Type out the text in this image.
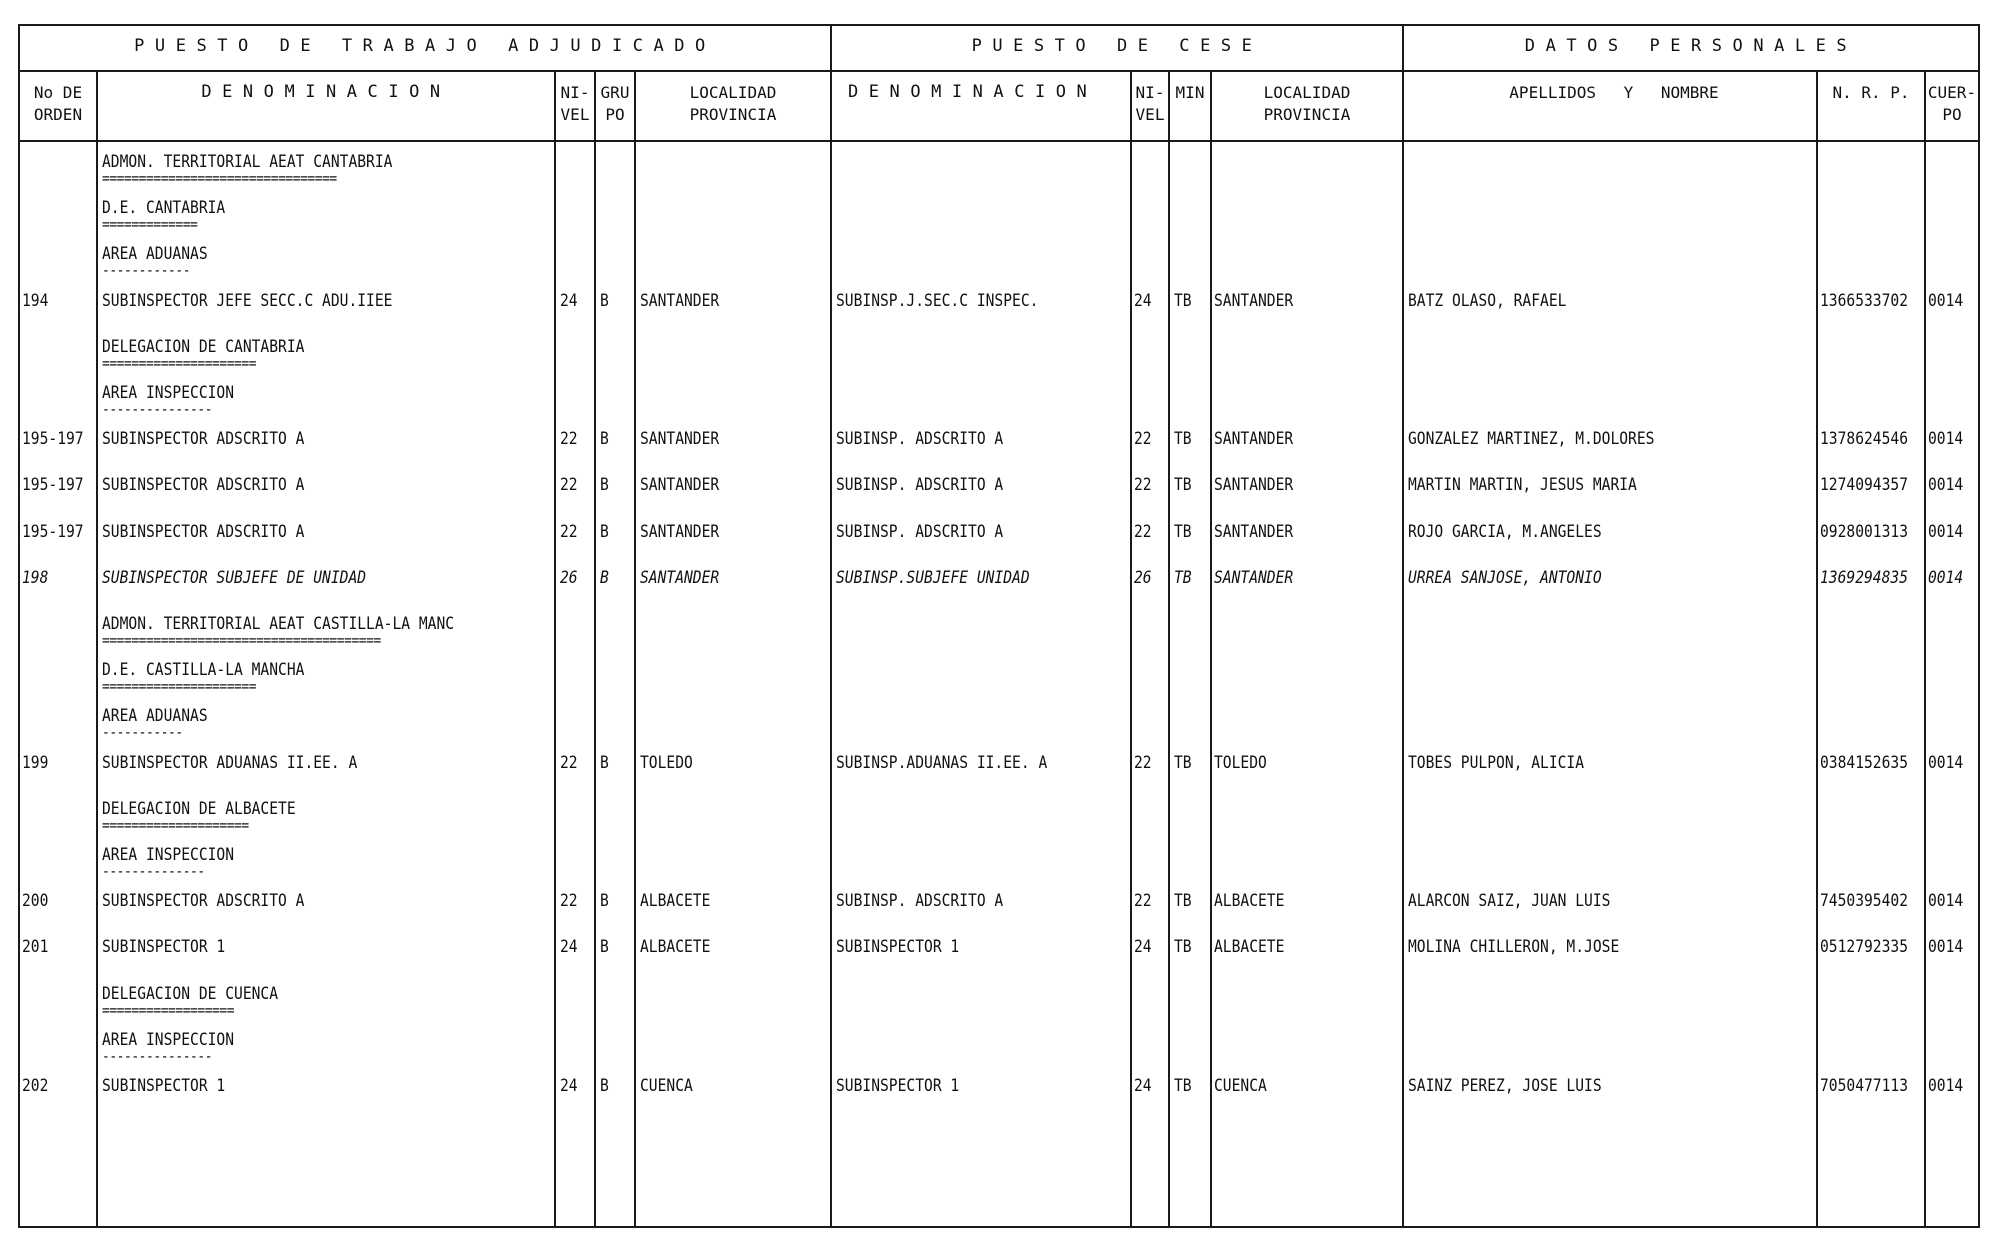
PUESTO DE TRABAJO ADJUDICADO	PUESTO DE CESE	DATOS PERSONALES
No DE
ORDEN
DENOMINACION	NI-
VEL
GRU
PO
LOCALIDAD
PROVINCIA
DENOMINACION	NI-
VEL
MIN	LOCALIDAD
PROVINCIA
APELLIDOS Y NOMBRE	N. R. P.	CUER-
PO
ADMON. TERRITORIAL AEAT CANTABRIA
================================
D.E. CANTABRIA
=============
AREA ADUANAS
------------
194	SUBINSPECTOR JEFE SECC.C ADU.IIEE	24 B SANTANDER	SUBINSP.J.SEC.C INSPEC.	24 TB SANTANDER	BATZ OLASO, RAFAEL	1366533702 0014
DELEGACION DE CANTABRIA
=====================
AREA INSPECCION
---------------
195-197 SUBINSPECTOR ADSCRITO A	22 B SANTANDER	SUBINSP. ADSCRITO A	22 TB SANTANDER	GONZALEZ MARTINEZ, M.DOLORES	1378624546 0014
195-197 SUBINSPECTOR ADSCRITO A	22 B SANTANDER	SUBINSP. ADSCRITO A	22 TB SANTANDER	MARTIN MARTIN, JESUS MARIA	1274094357 0014
195-197 SUBINSPECTOR ADSCRITO A	22 B SANTANDER	SUBINSP. ADSCRITO A	22 TB SANTANDER	ROJO GARCIA, M.ANGELES	0928001313 0014
198	SUBINSPECTOR SUBJEFE DE UNIDAD	26 B SANTANDER	SUBINSP.SUBJEFE UNIDAD	26 TB SANTANDER	URREA SANJOSE, ANTONIO	1369294835 0014
ADMON. TERRITORIAL AEAT CASTILLA-LA MANC
======================================
D.E. CASTILLA-LA MANCHA
=====================
AREA ADUANAS
-----------
199	SUBINSPECTOR ADUANAS II.EE. A	22 B TOLEDO	SUBINSP.ADUANAS II.EE. A	22 TB TOLEDO	TOBES PULPON, ALICIA	0384152635 0014
DELEGACION DE ALBACETE
====================
AREA INSPECCION
--------------
200	SUBINSPECTOR ADSCRITO A	22 B ALBACETE	SUBINSP. ADSCRITO A	22 TB ALBACETE	ALARCON SAIZ, JUAN LUIS	7450395402 0014
201	SUBINSPECTOR 1	24 B ALBACETE	SUBINSPECTOR 1	24 TB ALBACETE	MOLINA CHILLERON, M.JOSE	0512792335 0014
DELEGACION DE CUENCA
==================
AREA INSPECCION
---------------
202	SUBINSPECTOR 1	24 B CUENCA	SUBINSPECTOR 1	24 TB CUENCA	SAINZ PEREZ, JOSE LUIS	7050477113 0014
